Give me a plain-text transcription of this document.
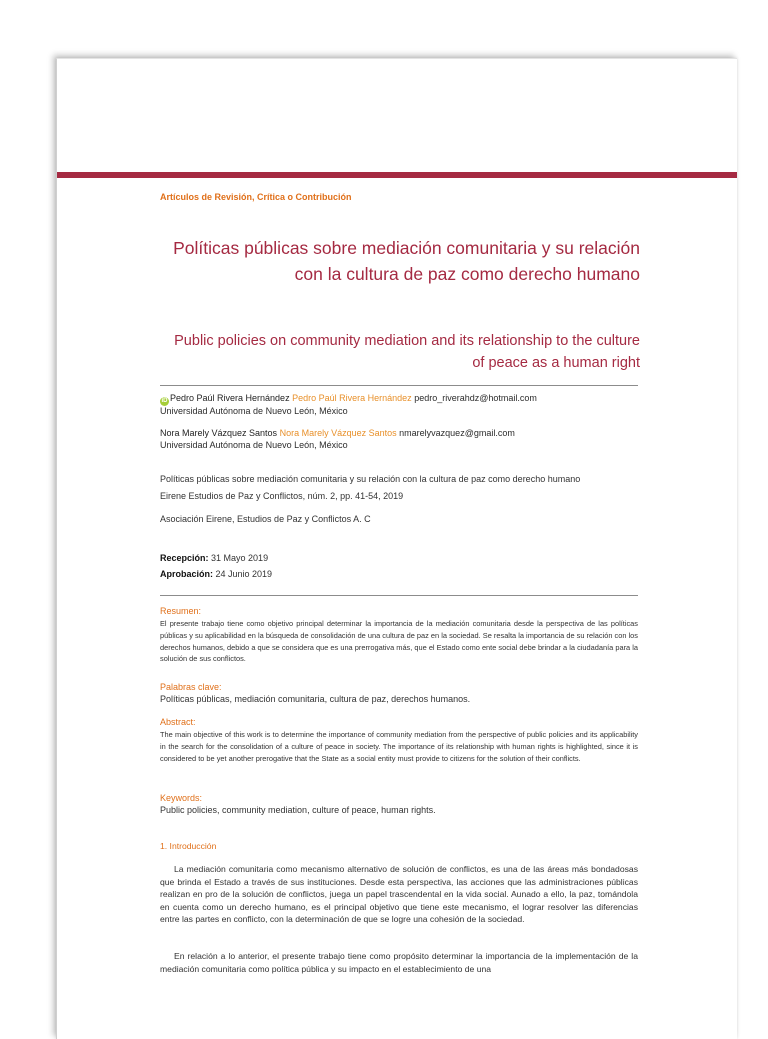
Artículos de Revisión, Crítica o Contribución
Políticas públicas sobre mediación comunitaria y su relación con la cultura de paz como derecho humano
Public policies on community mediation and its relationship to the culture of peace as a human right
iD Pedro Paúl Rivera Hernández Pedro Paúl Rivera Hernández pedro_riverahdz@hotmail.com
Universidad Autónoma de Nuevo León, México
Nora Marely Vázquez Santos Nora Marely Vázquez Santos nmarelyvazquez@gmail.com
Universidad Autónoma de Nuevo León, México
Políticas públicas sobre mediación comunitaria y su relación con la cultura de paz como derecho humano
Eirene Estudios de Paz y Conflictos, núm. 2, pp. 41-54, 2019
Asociación Eirene, Estudios de Paz y Conflictos A. C
Recepción: 31 Mayo 2019
Aprobación: 24 Junio 2019
Resumen:
El presente trabajo tiene como objetivo principal determinar la importancia de la mediación comunitaria desde la perspectiva de las políticas públicas y su aplicabilidad en la búsqueda de consolidación de una cultura de paz en la sociedad. Se resalta la importancia de su relación con los derechos humanos, debido a que se considera que es una prerrogativa más, que el Estado como ente social debe brindar a la ciudadanía para la solución de sus conflictos.
Palabras clave:
Políticas públicas, mediación comunitaria, cultura de paz, derechos humanos.
Abstract:
The main objective of this work is to determine the importance of community mediation from the perspective of public policies and its applicability in the search for the consolidation of a culture of peace in society. The importance of its relationship with human rights is highlighted, since it is considered to be yet another prerogative that the State as a social entity must provide to citizens for the solution of their conflicts.
Keywords:
Public policies, community mediation, culture of peace, human rights.
1. Introducción
La mediación comunitaria como mecanismo alternativo de solución de conflictos, es una de las áreas más bondadosas que brinda el Estado a través de sus instituciones. Desde esta perspectiva, las acciones que las administraciones públicas realizan en pro de la solución de conflictos, juega un papel trascendental en la vida social. Aunado a ello, la paz, tomándola en cuenta como un derecho humano, es el principal objetivo que tiene este mecanismo, el lograr resolver las diferencias entre las partes en conflicto, con la determinación de que se logre una cohesión de la sociedad.
En relación a lo anterior, el presente trabajo tiene como propósito determinar la importancia de la implementación de la mediación comunitaria como política pública y su impacto en el establecimiento de una
